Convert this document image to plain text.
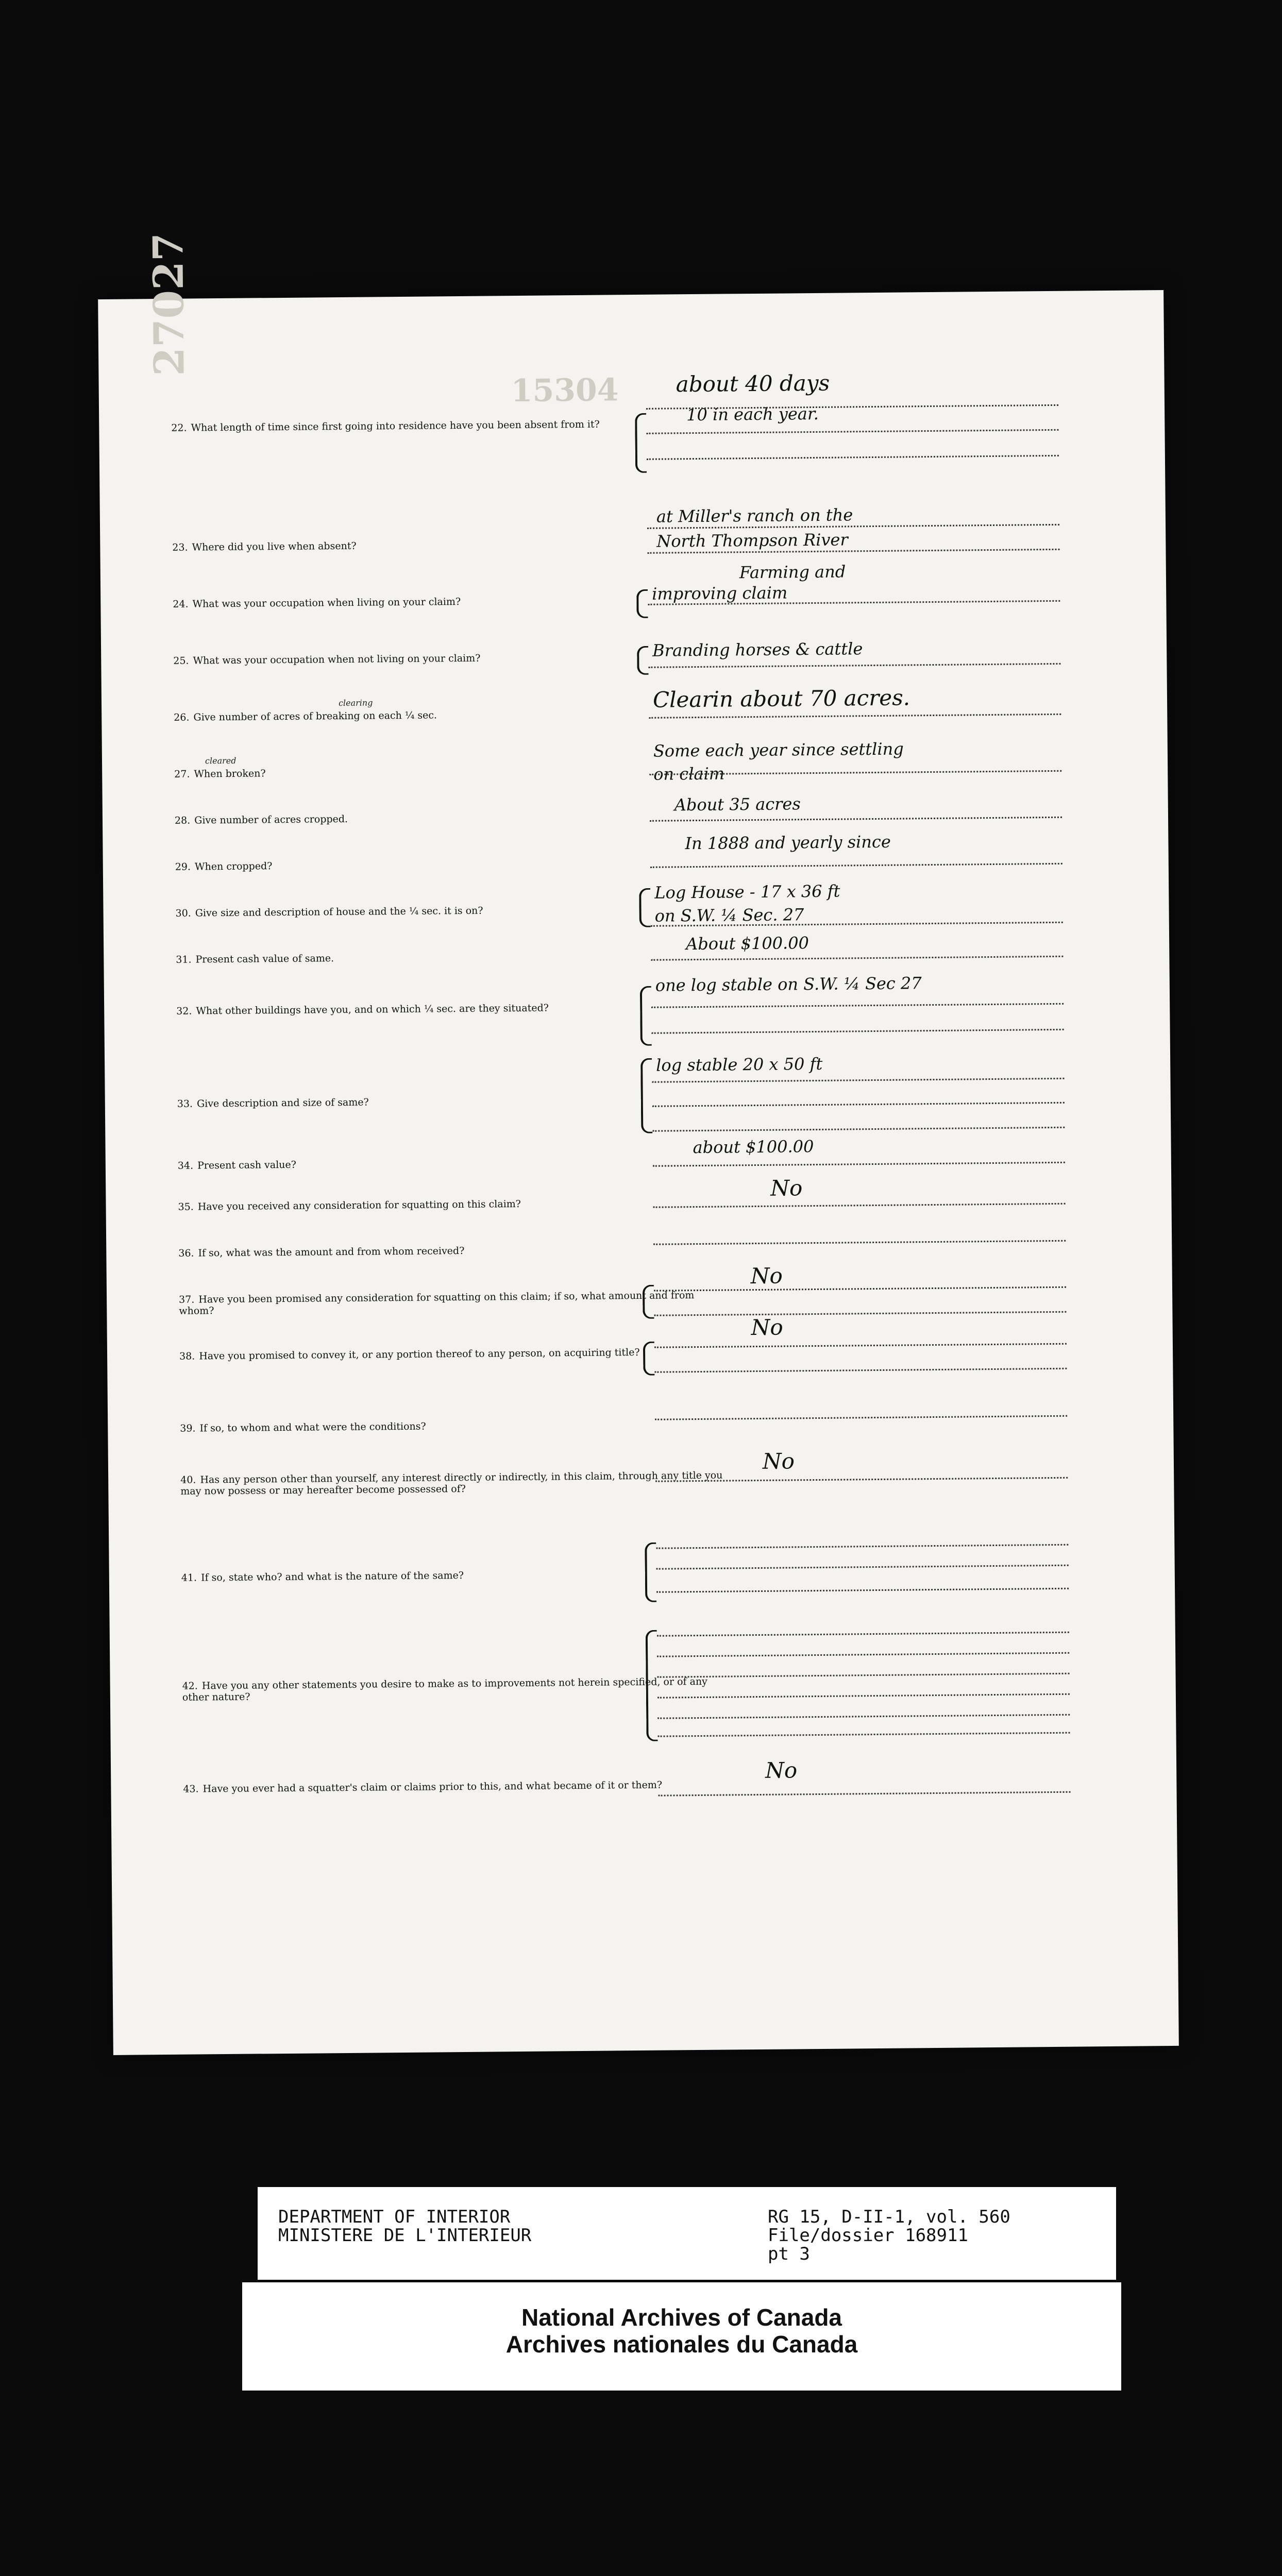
27027
15304
22. What length of time since first going into residence have you been absent from it?
about 40 days
10 in each year.
23. Where did you live when absent?
at Miller's ranch on the
North Thompson River
24. What was your occupation when living on your claim?
Farming and
improving claim
25. What was your occupation when not living on your claim?	Branding horses & cattle
clearing
26. Give number of acres of breaking on each ¼ sec.
Clearin about 70 acres.
cleared
27. When broken?
Some each year since settling
on claim
28. Give number of acres cropped.
About 35 acres
29. When cropped?
In 1888 and yearly since
30. Give size and description of house and the ¼ sec. it is on?
Log House - 17 x 36 ft
on S.W. ¼ Sec. 27
31. Present cash value of same.
About $100.00
32. What other buildings have you, and on which ¼ sec. are they situated?
one log stable on S.W. ¼ Sec 27
33. Give description and size of same?
log stable 20 x 50 ft
34. Present cash value?
about $100.00
35. Have you received any consideration for squatting on this claim?
No
36. If so, what was the amount and from whom received?
37. Have you been promised any consideration for squatting on this claim; if so, what amount and from whom?
No
38. Have you promised to convey it, or any portion thereof to any person, on acquiring title?
No
39. If so, to whom and what were the conditions?
40. Has any person other than yourself, any interest directly or indirectly, in this claim, through any title you may now possess or may hereafter become possessed of?
No
41. If so, state who? and what is the nature of the same?
42. Have you any other statements you desire to make as to improvements not herein specified, or of any other nature?
43. Have you ever had a squatter's claim or claims prior to this, and what became of it or them?
No
DEPARTMENT OF INTERIOR
MINISTERE DE L'INTERIEUR
RG 15, D-II-1, vol. 560
File/dossier 168911
pt 3
National Archives of Canada
Archives nationales du Canada
